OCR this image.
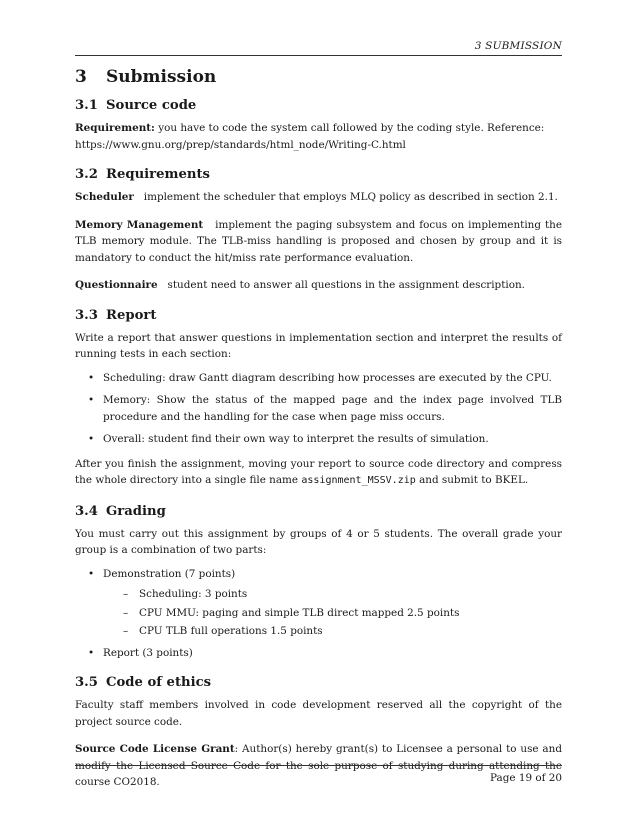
3 SUBMISSION
3 Submission
3.1 Source code

Requirement: you have to code the system call followed by the coding style. Reference:
https://www.gnu.org/prep/standards/html_node/Writing-C.html

3.2 Requirements

Scheduler implement the scheduler that employs MLQ policy as described in section 2.1.

Memory Management implement the paging subsystem and focus on implementing the TLB memory module. The TLB-miss handling is proposed and chosen by group and it is mandatory to conduct the hit/miss rate performance evaluation.

Questionnaire student need to answer all questions in the assignment description.

3.3 Report

Write a report that answer questions in implementation section and interpret the results of running tests in each section:

• Scheduling: draw Gantt diagram describing how processes are executed by the CPU.
• Memory: Show the status of the mapped page and the index page involved TLB procedure and the handling for the case when page miss occurs.
• Overall: student find their own way to interpret the results of simulation.

After you finish the assignment, moving your report to source code directory and compress the whole directory into a single file name assignment_MSSV.zip and submit to BKEL.

3.4 Grading

You must carry out this assignment by groups of 4 or 5 students. The overall grade your group is a combination of two parts:

• Demonstration (7 points)
– Scheduling: 3 points
– CPU MMU: paging and simple TLB direct mapped 2.5 points
– CPU TLB full operations 1.5 points
• Report (3 points)
3.5 Code of ethics

Faculty staff members involved in code development reserved all the copyright of the project source code.

Source Code License Grant: Author(s) hereby grant(s) to Licensee a personal to use and modify the Licensed Source Code for the sole purpose of studying during attending the course CO2018.	Page 19 of 20
